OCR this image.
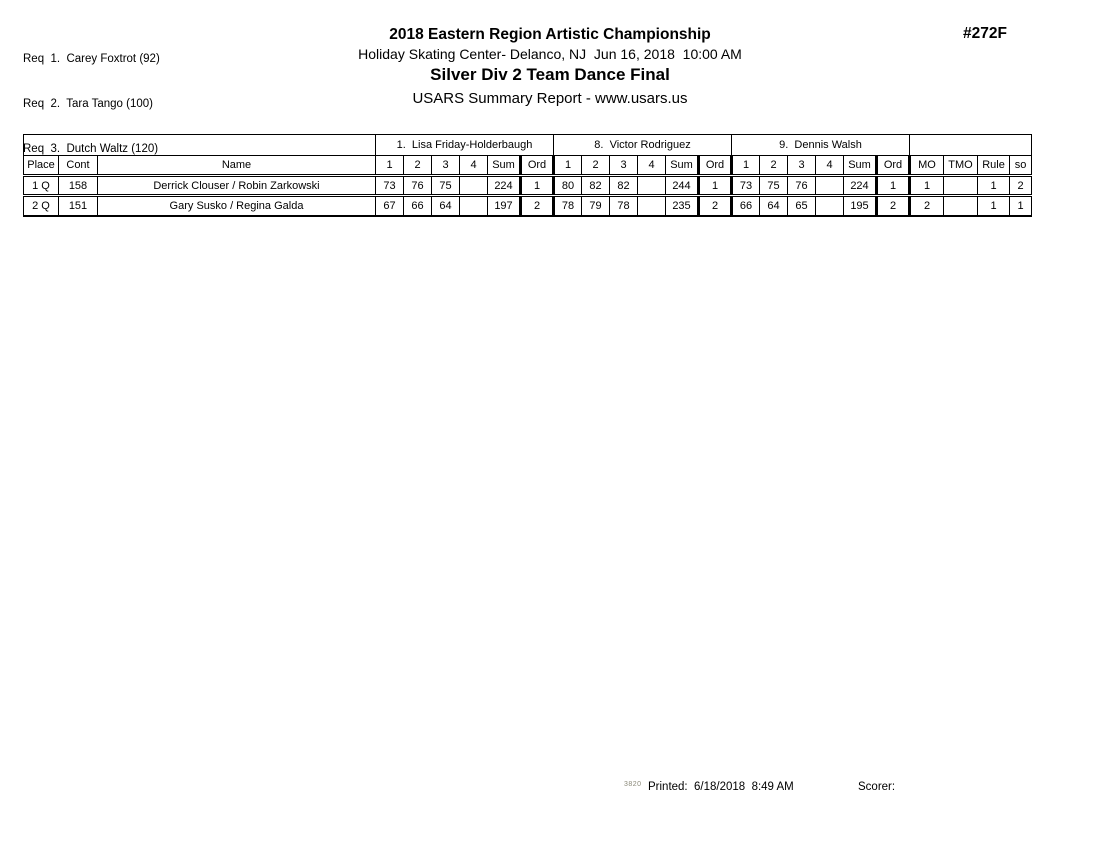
Req  1.  Carey Foxtrot (92)

Req  2.  Tara Tango (100)

Req  3.  Dutch Waltz (120)

2018 Eastern Region Artistic Championship
Holiday Skating Center- Delanco, NJ  Jun 16, 2018  10:00 AM
Silver Div 2 Team Dance Final
USARS Summary Report - www.usars.us
#272F
			1.  Lisa Friday-Holderbaugh						8.  Victor Rodriguez						9.  Dennis Walsh									
Place	Cont	Name	1	2	3	4	Sum	Ord	1	2	3	4	Sum	Ord	1	2	3	4	Sum	Ord	MO	TMO	Rule	so
1 Q	158	Derrick Clouser / Robin Zarkowski	73	76	75		224	1	80	82	82		244	1	73	75	76		224	1	1		1	2
2 Q	151	Gary Susko / Regina Galda	67	66	64		197	2	78	79	78		235	2	66	64	65		195	2	2		1	1
3820 Printed:  6/18/2018  8:49 AM	Scorer:
